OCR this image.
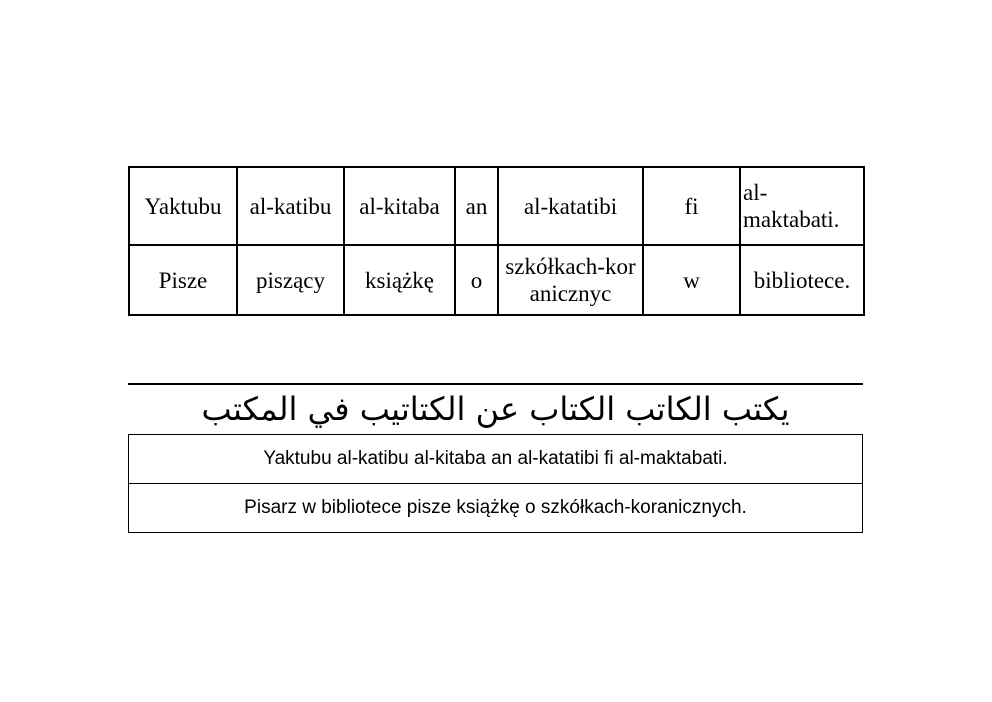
Yaktubu	al-katibu	al-kitaba	an	al-katatibi	fi	al-maktabati.
Pisze	piszący	książkę	o	szkółkach-koranicznyc	w	bibliotece.

يكتب الكاتب الكتاب عن الكتاتيب في المكتب

Yaktubu al-katibu al-kitaba an al-katatibi fi al-maktabati.
Pisarz w bibliotece pisze książkę o szkółkach-koranicznych.
